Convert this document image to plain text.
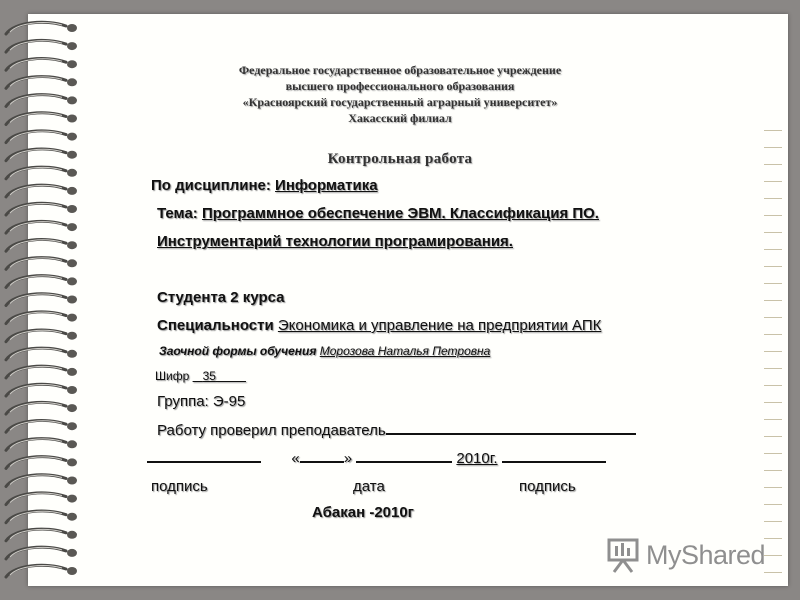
Федеральное государственное образовательное учреждение
высшего профессионального образования
«Красноярский государственный аграрный университет»
Хакасский филиал
Контрольная работа
По дисциплине: Информатика
Тема: Программное обеспечение ЭВМ. Классификация ПО.
Инструментарий технологии програмирования.
Студента 2 курса
Специальности Экономика и управление на предприятии АПК
Заочной формы обучения Морозова Наталья Петровна
Шифр 35
Группа: Э-95
Работу проверил преподаватель
«	»	2010г.
подпись	дата	подпись
Абакан -2010г
MyShared
